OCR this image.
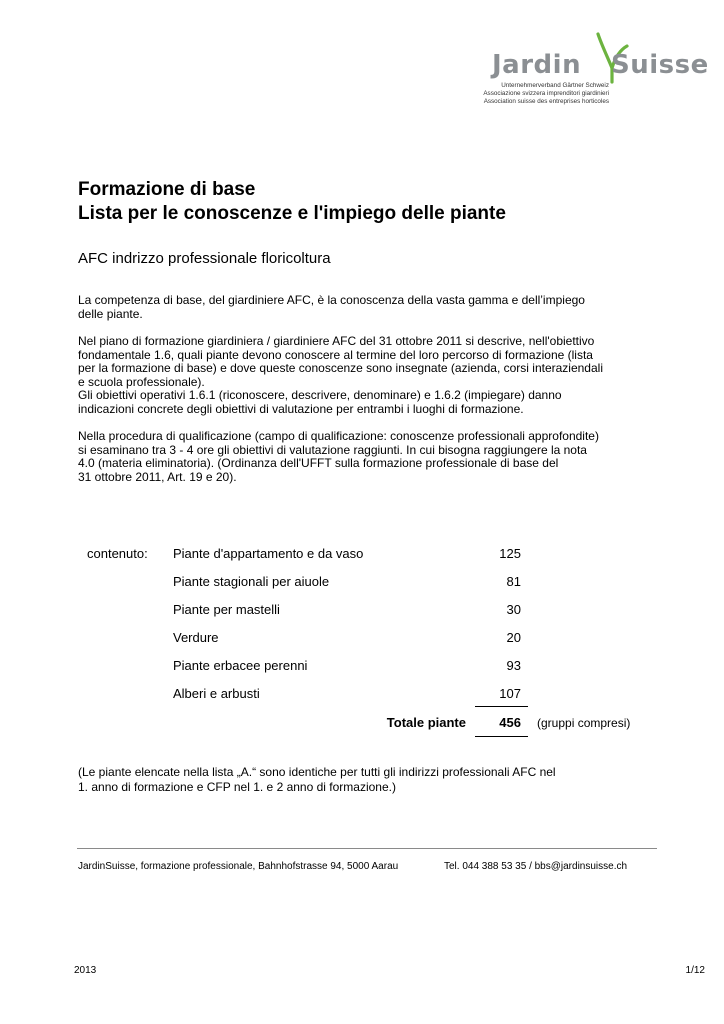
Jardin Suisse
Unternehmerverband Gärtner Schweiz
Associazione svizzera imprenditori giardinieri
Association suisse des entreprises horticoles
Formazione di base
Lista per le conoscenze e l'impiego delle piante
AFC indrizzo professionale floricoltura
La competenza di base, del giardiniere AFC, è la conoscenza della vasta gamma e dell’impiego
delle piante.
Nel piano di formazione giardiniera / giardiniere AFC del 31 ottobre 2011 si descrive, nell'obiettivo
fondamentale 1.6, quali piante devono conoscere al termine del loro percorso di formazione (lista
per la formazione di base) e dove queste conoscenze sono insegnate (azienda, corsi interaziendali
e scuola professionale).
Gli obiettivi operativi 1.6.1 (riconoscere, descrivere, denominare) e 1.6.2 (impiegare) danno
indicazioni concrete degli obiettivi di valutazione per entrambi i luoghi di formazione.
Nella procedura di qualificazione (campo di qualificazione: conoscenze professionali approfondite)
si esaminano tra 3 - 4 ore gli obiettivi di valutazione raggiunti. In cui bisogna raggiungere la nota
4.0 (materia eliminatoria). (Ordinanza dell'UFFT sulla formazione professionale di base del
31 ottobre 2011, Art. 19 e 20).
contenuto: Piante d'appartamento e da vaso	125
Piante stagionali per aiuole	81
Piante per mastelli	30
Verdure	20
Piante erbacee perenni	93
Alberi e arbusti	107
Totale piante	456 (gruppi compresi)
(Le piante elencate nella lista „A.“ sono identiche per tutti gli indirizzi professionali AFC nel
1. anno di formazione e CFP nel 1. e 2 anno di formazione.)
JardinSuisse, formazione professionale, Bahnhofstrasse 94, 5000 Aarau	Tel. 044 388 53 35 / bbs@jardinsuisse.ch
2013	1/12
